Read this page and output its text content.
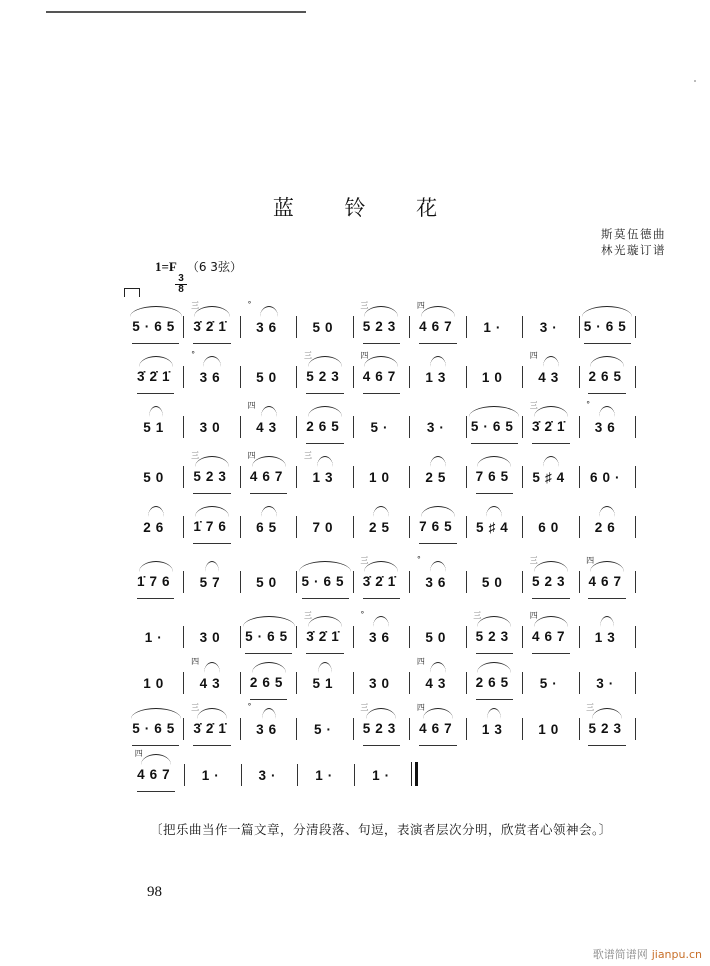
蓝 铃 花
斯莫伍德曲
林光璇订谱
1=F （6 3弦）
$\frac{3}{8}$
5·65 3̇2̇1̇
三
36
°
50 523
三
467
四
1·	3· 5·65
3̇2̇1̇ 36
°
50 523
三
467
四
13 10 43
四
265
51 30 43
四
265 5·	3· 5·65 3̇2̇1̇
三
36
°
50 523
三
467
四
13
三
10 25 765 5♯4 60·
26 1̇76 65 70 25 765 5♯4 60 26
1̇76 57 50 5·65 3̇2̇1̇
三
36
°
50 523
三
467
四
1· 30 5·65 3̇2̇1̇
三
36
°
50 523
三
467
四
13
10 43
四
265 51 30 43
四
265 5·	3·
5·65 3̇2̇1̇
三
36
°
5· 523
三
467
四
13 10 523
三
467
四
1·	3·	1·	1·
〔把乐曲当作一篇文章，分清段落、句逗，表演者层次分明，欣赏者心领神会。〕
98
歌谱简谱网 jianpu.cn
